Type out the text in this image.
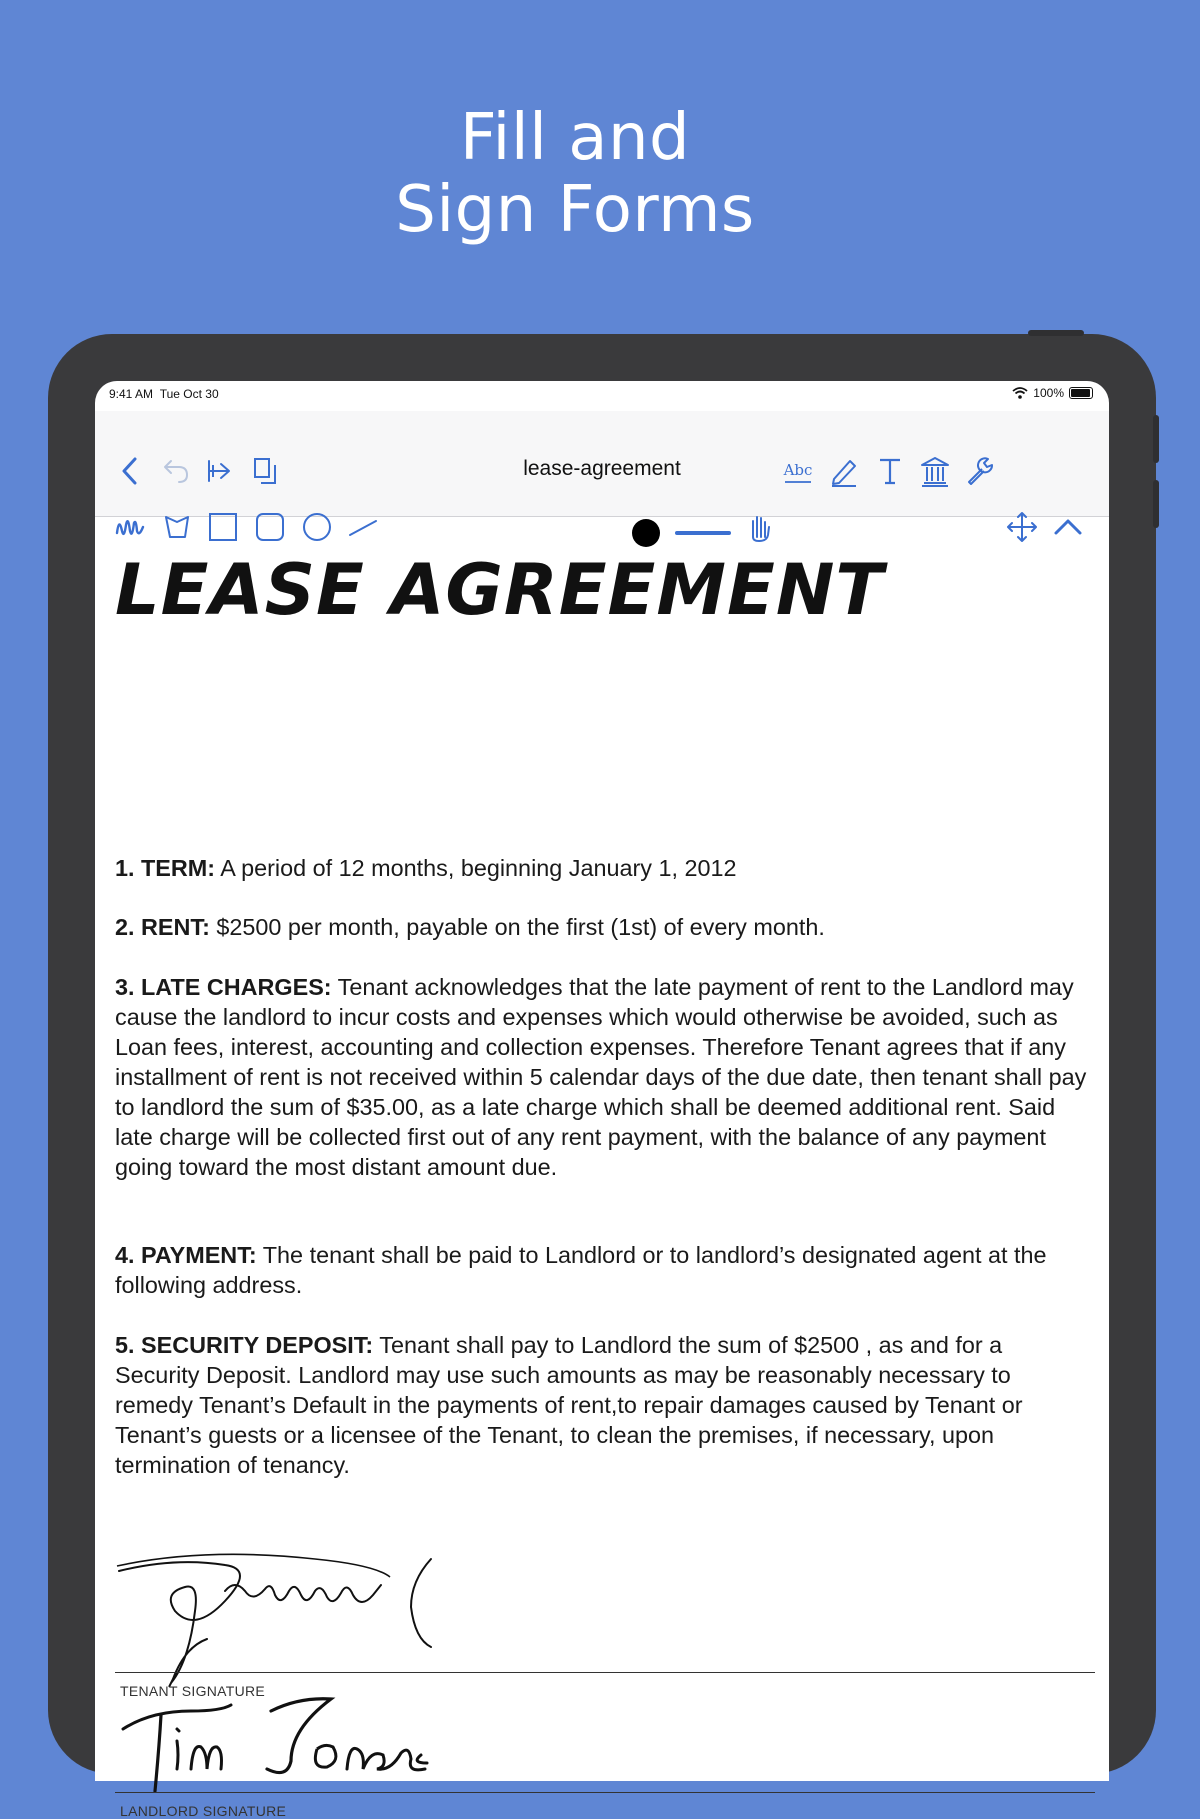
Fill and
Sign Forms
9:41 AM Tue Oct 30	100%
lease-agreement	Abc
LEASE AGREEMENT
1. TERM: A period of 12 months, beginning January 1, 2012
2. RENT: $2500 per month, payable on the first (1st) of every month.
3. LATE CHARGES: Tenant acknowledges that the late payment of rent to the Landlord may cause the landlord to incur costs and expenses which would otherwise be avoided, such as Loan fees, interest, accounting and collection expenses. Therefore Tenant agrees that if any installment of rent is not received within 5 calendar days of the due date, then tenant shall pay to landlord the sum of $35.00, as a late charge which shall be deemed additional rent. Said late charge will be collected first out of any rent payment, with the balance of any payment going toward the most distant amount due.
4. PAYMENT: The tenant shall be paid to Landlord or to landlord’s designated agent at the following address.
5. SECURITY DEPOSIT: Tenant shall pay to Landlord the sum of $2500 , as and for a Security Deposit. Landlord may use such amounts as may be reasonably necessary to remedy Tenant’s Default in the payments of rent,to repair damages caused by Tenant or Tenant’s guests or a licensee of the Tenant, to clean the premises, if necessary, upon termination of tenancy.
TENANT SIGNATURE
LANDLORD SIGNATURE
